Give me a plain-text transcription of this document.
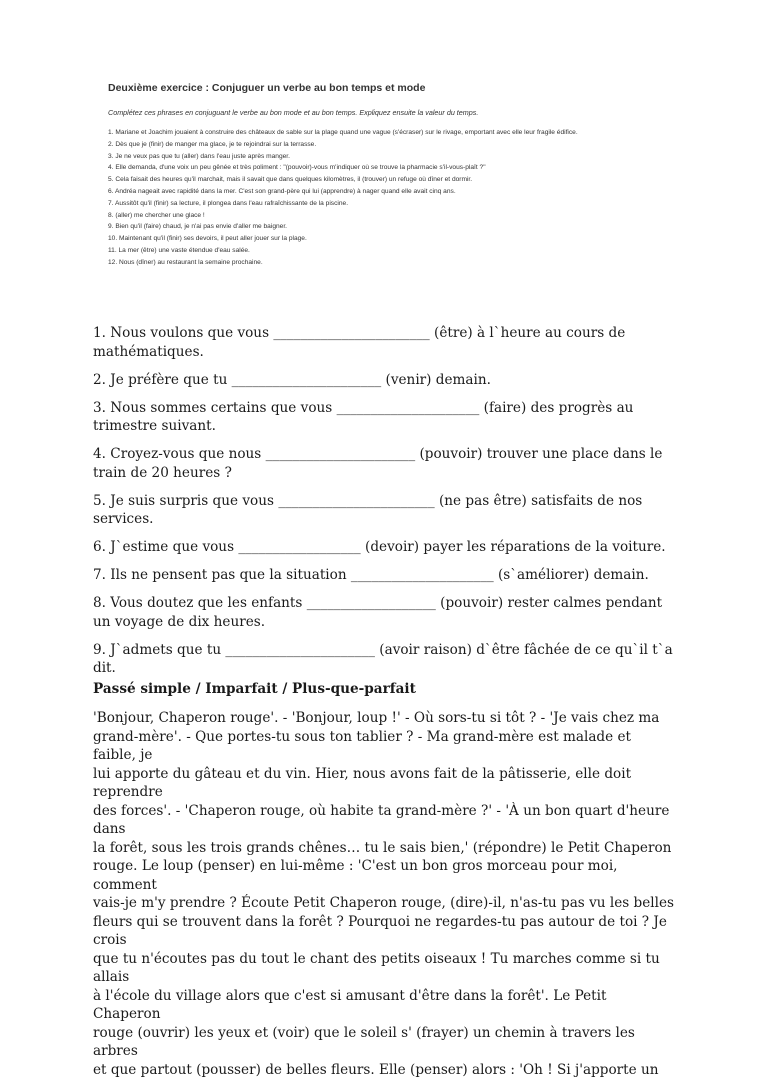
Deuxième exercice : Conjuguer un verbe au bon temps et mode
Complétez ces phrases en conjuguant le verbe au bon mode et au bon temps. Expliquez ensuite la valeur du temps.
1. Mariane et Joachim jouaient à construire des châteaux de sable sur la plage quand une vague (s'écraser) sur le rivage, emportant avec elle leur fragile édifice.
2. Dès que je (finir) de manger ma glace, je te rejoindrai sur la terrasse.
3. Je ne veux pas que tu (aller) dans l'eau juste après manger.
4. Elle demanda, d'une voix un peu gênée et très poliment : "(pouvoir)-vous m'indiquer où se trouve la pharmacie s'il-vous-plaît ?"
5. Cela faisait des heures qu'il marchait, mais il savait que dans quelques kilomètres, il (trouver) un refuge où dîner et dormir.
6. Andréa nageait avec rapidité dans la mer. C'est son grand-père qui lui (apprendre) à nager quand elle avait cinq ans.
7. Aussitôt qu'il (finir) sa lecture, il plongea dans l'eau rafraîchissante de la piscine.
8. (aller) me chercher une glace !
9. Bien qu'il (faire) chaud, je n'ai pas envie d'aller me baigner.
10. Maintenant qu'il (finir) ses devoirs, il peut aller jouer sur la plage.
11. La mer (être) une vaste étendue d'eau salée.
12. Nous (dîner) au restaurant la semaine prochaine.

1. Nous voulons que vous _______________________ (être) à l`heure au cours de mathématiques.

2. Je préfère que tu ______________________ (venir) demain.

3. Nous sommes certains que vous _____________________ (faire) des progrès au trimestre suivant.

4. Croyez-vous que nous ______________________ (pouvoir) trouver une place dans le train de 20 heures ?

5. Je suis surpris que vous _______________________ (ne pas être) satisfaits de nos services.

6. J`estime que vous __________________ (devoir) payer les réparations de la voiture.

7. Ils ne pensent pas que la situation _____________________ (s`améliorer) demain.

8. Vous doutez que les enfants ___________________ (pouvoir) rester calmes pendant un voyage de dix heures.

9. J`admets que tu ______________________ (avoir raison) d`être fâchée de ce qu`il t`a dit.

Passé simple / Imparfait / Plus-que-parfait
'Bonjour, Chaperon rouge'. - 'Bonjour, loup !' - Où sors-tu si tôt ? - 'Je vais chez ma
grand-mère'. - Que portes-tu sous ton tablier ? - Ma grand-mère est malade et faible, je
lui apporte du gâteau et du vin. Hier, nous avons fait de la pâtisserie, elle doit reprendre
des forces'. - 'Chaperon rouge, où habite ta grand-mère ?' - 'À un bon quart d'heure dans
la forêt, sous les trois grands chênes… tu le sais bien,' (répondre) le Petit Chaperon
rouge. Le loup (penser) en lui-même : 'C'est un bon gros morceau pour moi, comment
vais-je m'y prendre ? Écoute Petit Chaperon rouge, (dire)-il, n'as-tu pas vu les belles
fleurs qui se trouvent dans la forêt ? Pourquoi ne regardes-tu pas autour de toi ? Je crois
que tu n'écoutes pas du tout le chant des petits oiseaux ! Tu marches comme si tu allais
à l'école du village alors que c'est si amusant d'être dans la forêt'. Le Petit Chaperon
rouge (ouvrir) les yeux et (voir) que le soleil s' (frayer) un chemin à travers les arbres
et que partout (pousser) de belles fleurs. Elle (penser) alors : 'Oh ! Si j'apporte un
